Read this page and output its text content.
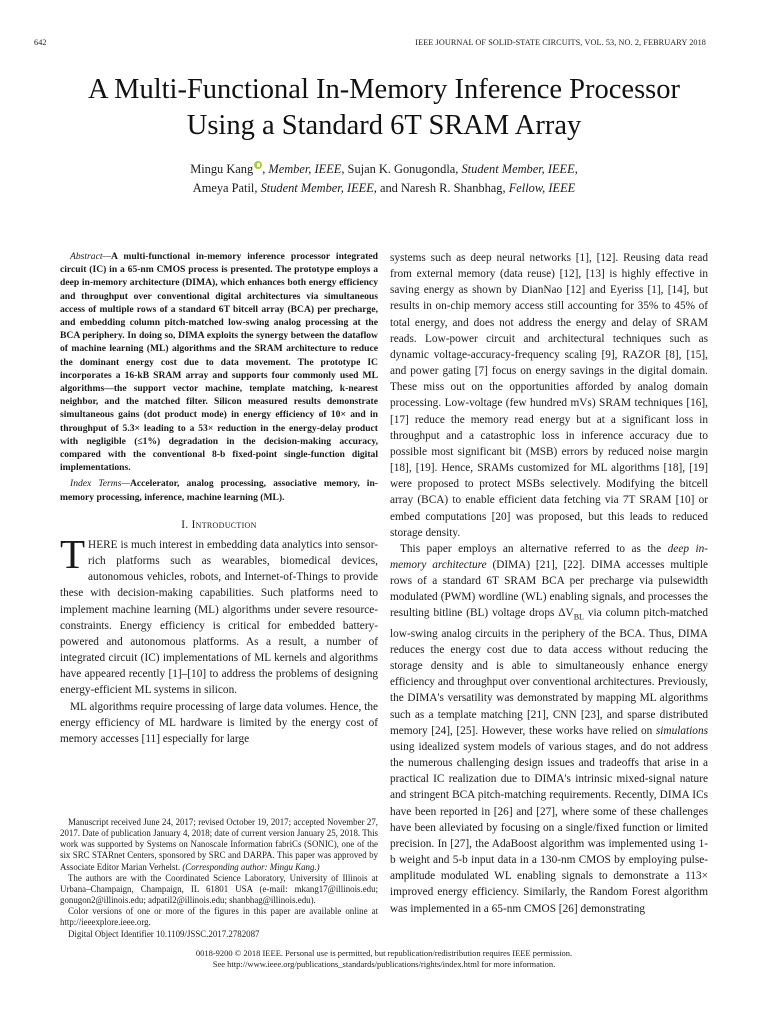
642	IEEE JOURNAL OF SOLID-STATE CIRCUITS, VOL. 53, NO. 2, FEBRUARY 2018
A Multi-Functional In-Memory Inference Processor
Using a Standard 6T SRAM Array
Mingu Kang , Member, IEEE, Sujan K. Gonugondla, Student Member, IEEE,
Ameya Patil, Student Member, IEEE, and Naresh R. Shanbhag, Fellow, IEEE

Abstract—A multi-functional in-memory inference processor integrated circuit (IC) in a 65-nm CMOS process is presented. The prototype employs a deep in-memory architecture (DIMA), which enhances both energy efficiency and throughput over conventional digital architectures via simultaneous access of multiple rows of a standard 6T bitcell array (BCA) per precharge, and embedding column pitch-matched low-swing analog processing at the BCA periphery. In doing so, DIMA exploits the synergy between the dataflow of machine learning (ML) algorithms and the SRAM architecture to reduce the dominant energy cost due to data movement. The prototype IC incorporates a 16-kB SRAM array and supports four commonly used ML algorithms—the support vector machine, template matching, k-nearest neighbor, and the matched filter. Silicon measured results demonstrate simultaneous gains (dot product mode) in energy efficiency of 10× and in throughput of 5.3× leading to a 53× reduction in the energy-delay product with negligible (≤1%) degradation in the decision-making accuracy, compared with the conventional 8-b fixed-point single-function digital implementations.

Index Terms—Accelerator, analog processing, associative memory, in-memory processing, inference, machine learning (ML).

I. Introduction

THERE is much interest in embedding data analytics into sensor-rich platforms such as wearables, biomedical devices, autonomous vehicles, robots, and Internet-of-Things to provide these with decision-making capabilities. Such platforms need to implement machine learning (ML) algorithms under severe resource-constraints. Energy efficiency is critical for embedded battery-powered and autonomous platforms. As a result, a number of integrated circuit (IC) implementations of ML kernels and algorithms have appeared recently [1]–[10] to address the problems of designing energy-efficient ML systems in silicon.

ML algorithms require processing of large data volumes. Hence, the energy efficiency of ML hardware is limited by the energy cost of memory accesses [11] especially for large

Manuscript received June 24, 2017; revised October 19, 2017; accepted November 27, 2017. Date of publication January 4, 2018; date of current version January 25, 2018. This work was supported by Systems on Nanoscale Information fabriCs (SONIC), one of the six SRC STARnet Centers, sponsored by SRC and DARPA. This paper was approved by Associate Editor Marian Verhelst. (Corresponding author: Mingu Kang.)

The authors are with the Coordinated Science Laboratory, University of Illinois at Urbana–Champaign, Champaign, IL 61801 USA (e-mail: mkang17@illinois.edu; gonugon2@illinois.edu; adpatil2@illinois.edu; shanbhag@illinois.edu).

Color versions of one or more of the figures in this paper are available online at http://ieeexplore.ieee.org.

Digital Object Identifier 10.1109/JSSC.2017.2782087

systems such as deep neural networks [1], [12]. Reusing data read from external memory (data reuse) [12], [13] is highly effective in saving energy as shown by DianNao [12] and Eyeriss [1], [14], but results in on-chip memory access still accounting for 35% to 45% of total energy, and does not address the energy and delay of SRAM reads. Low-power circuit and architectural techniques such as dynamic voltage-accuracy-frequency scaling [9], RAZOR [8], [15], and power gating [7] focus on energy savings in the digital domain. These miss out on the opportunities afforded by analog domain processing. Low-voltage (few hundred mVs) SRAM techniques [16], [17] reduce the memory read energy but at a significant loss in throughput and a catastrophic loss in inference accuracy due to possible most significant bit (MSB) errors by reduced noise margin [18], [19]. Hence, SRAMs customized for ML algorithms [18], [19] were proposed to protect MSBs selectively. Modifying the bitcell array (BCA) to enable efficient data fetching via 7T SRAM [10] or embed computations [20] was proposed, but this leads to reduced storage density.

This paper employs an alternative referred to as the deep in-memory architecture (DIMA) [21], [22]. DIMA accesses multiple rows of a standard 6T SRAM BCA per precharge via pulsewidth modulated (PWM) wordline (WL) enabling signals, and processes the resulting bitline (BL) voltage drops $\Delta V_{BL}$ via column pitch-matched low-swing analog circuits in the periphery of the BCA. Thus, DIMA reduces the energy cost due to data access without reducing the storage density and is able to simultaneously enhance energy efficiency and throughput over conventional architectures. Previously, the DIMA's versatility was demonstrated by mapping ML algorithms such as a template matching [21], CNN [23], and sparse distributed memory [24], [25]. However, these works have relied on simulations using idealized system models of various stages, and do not address the numerous challenging design issues and tradeoffs that arise in a practical IC realization due to DIMA's intrinsic mixed-signal nature and stringent BCA pitch-matching requirements. Recently, DIMA ICs have been reported in [26] and [27], where some of these challenges have been alleviated by focusing on a single/fixed function or limited precision. In [27], the AdaBoost algorithm was implemented using 1-b weight and 5-b input data in a 130-nm CMOS by employing pulse-amplitude modulated WL enabling signals to demonstrate a 113× improved energy efficiency. Similarly, the Random Forest algorithm was implemented in a 65-nm CMOS [26] demonstrating

0018-9200 © 2018 IEEE. Personal use is permitted, but republication/redistribution requires IEEE permission.
See http://www.ieee.org/publications_standards/publications/rights/index.html for more information.
